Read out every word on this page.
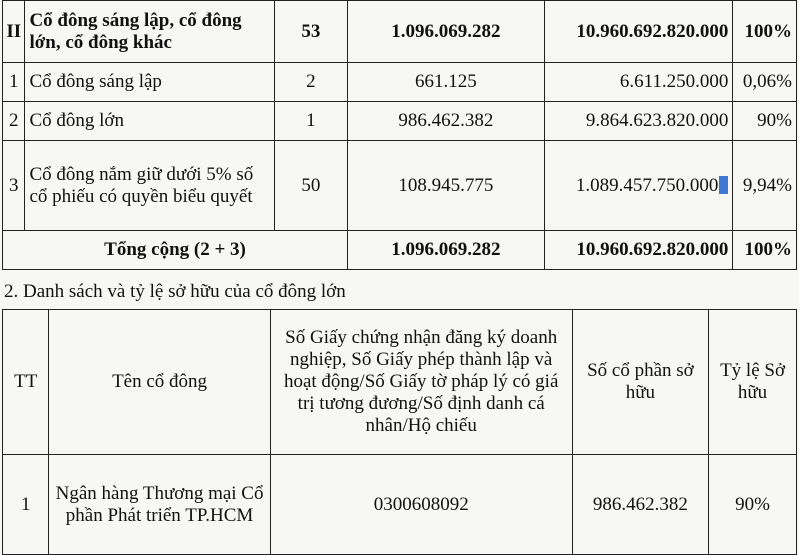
II	Cổ đông sáng lập, cổ đông lớn, cổ đông khác	53	1.096.069.282	10.960.692.820.000	100%
1	Cổ đông sáng lập	2	661.125	6.611.250.000	0,06%
2	Cổ đông lớn	1	986.462.382	9.864.623.820.000	90%
3	Cổ đông nắm giữ dưới 5% số cổ phiếu có quyền biểu quyết	50	108.945.775	1.089.457.750.000	9,94%
Tổng cộng (2 + 3)			1.096.069.282	10.960.692.820.000	100%
2. Danh sách và tỷ lệ sở hữu của cổ đông lớn
TT	Tên cổ đông	Số Giấy chứng nhận đăng ký doanh nghiệp, Số Giấy phép thành lập và hoạt động/Số Giấy tờ pháp lý có giá trị tương đương/Số định danh cá nhân/Hộ chiếu	Số cổ phần sở hữu	Tỷ lệ Sở hữu
1	Ngân hàng Thương mại Cổ phần Phát triển TP.HCM	0300608092	986.462.382	90%
